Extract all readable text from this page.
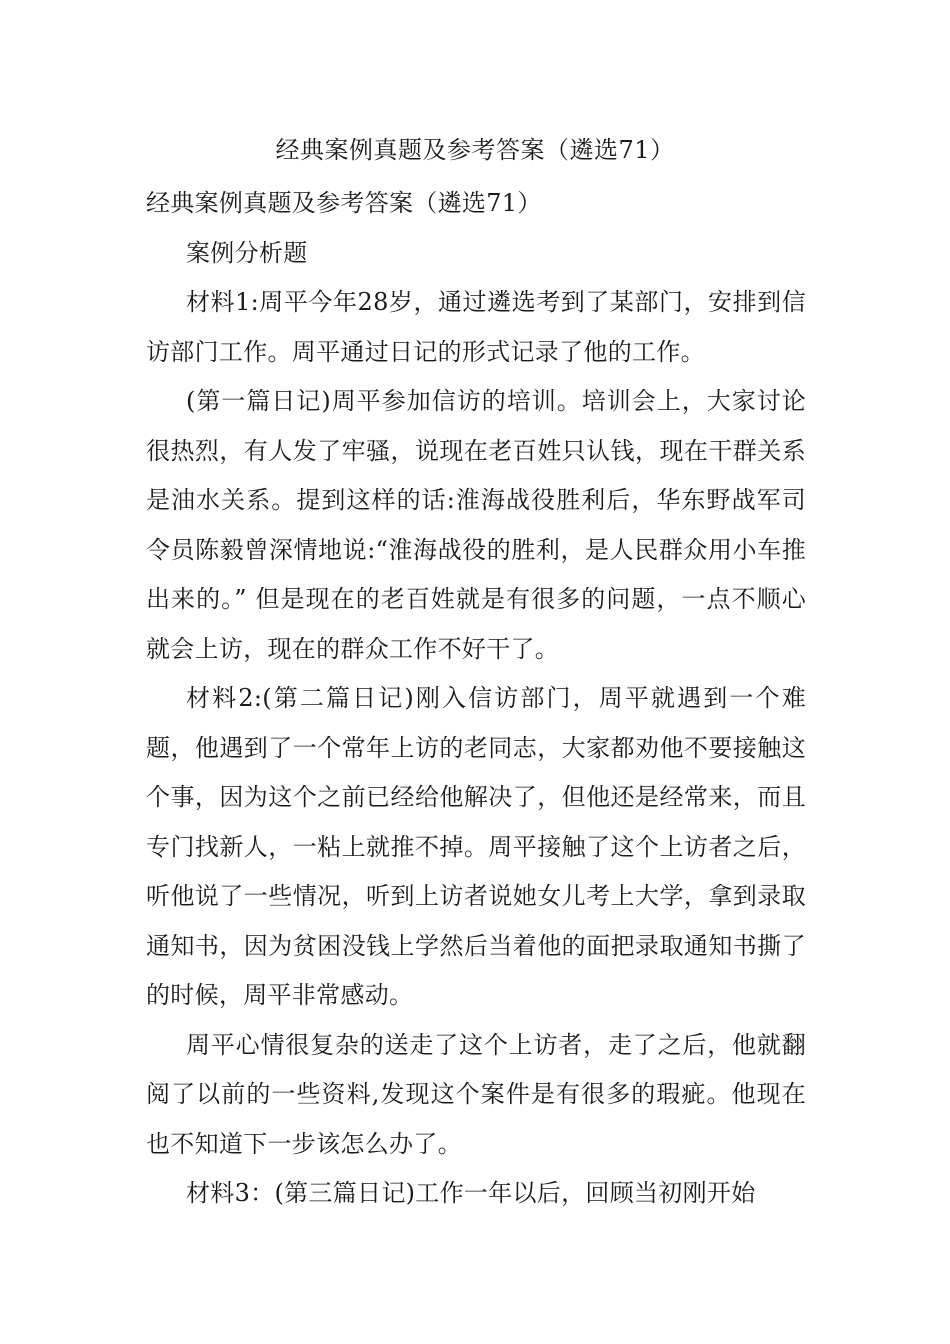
经典案例真题及参考答案（遴选71）

经典案例真题及参考答案（遴选71）

案例分析题

材料1:周平今年28岁，通过遴选考到了某部门，安排到信访部门工作。周平通过日记的形式记录了他的工作。

(第一篇日记)周平参加信访的培训。培训会上，大家讨论很热烈，有人发了牢骚，说现在老百姓只认钱，现在干群关系是油水关系。提到这样的话:淮海战役胜利后，华东野战军司令员陈毅曾深情地说:“淮海战役的胜利，是人民群众用小车推出来的。” 但是现在的老百姓就是有很多的问题，一点不顺心就会上访，现在的群众工作不好干了。

材料2:(第二篇日记)刚入信访部门，周平就遇到一个难题，他遇到了一个常年上访的老同志，大家都劝他不要接触这个事，因为这个之前已经给他解决了，但他还是经常来，而且专门找新人，一粘上就推不掉。周平接触了这个上访者之后，听他说了一些情况，听到上访者说她女儿考上大学，拿到录取通知书，因为贫困没钱上学然后当着他的面把录取通知书撕了的时候，周平非常感动。

周平心情很复杂的送走了这个上访者，走了之后，他就翻阅了以前的一些资料,发现这个案件是有很多的瑕疵。他现在也不知道下一步该怎么办了。

材料3：(第三篇日记)工作一年以后，回顾当初刚开始
